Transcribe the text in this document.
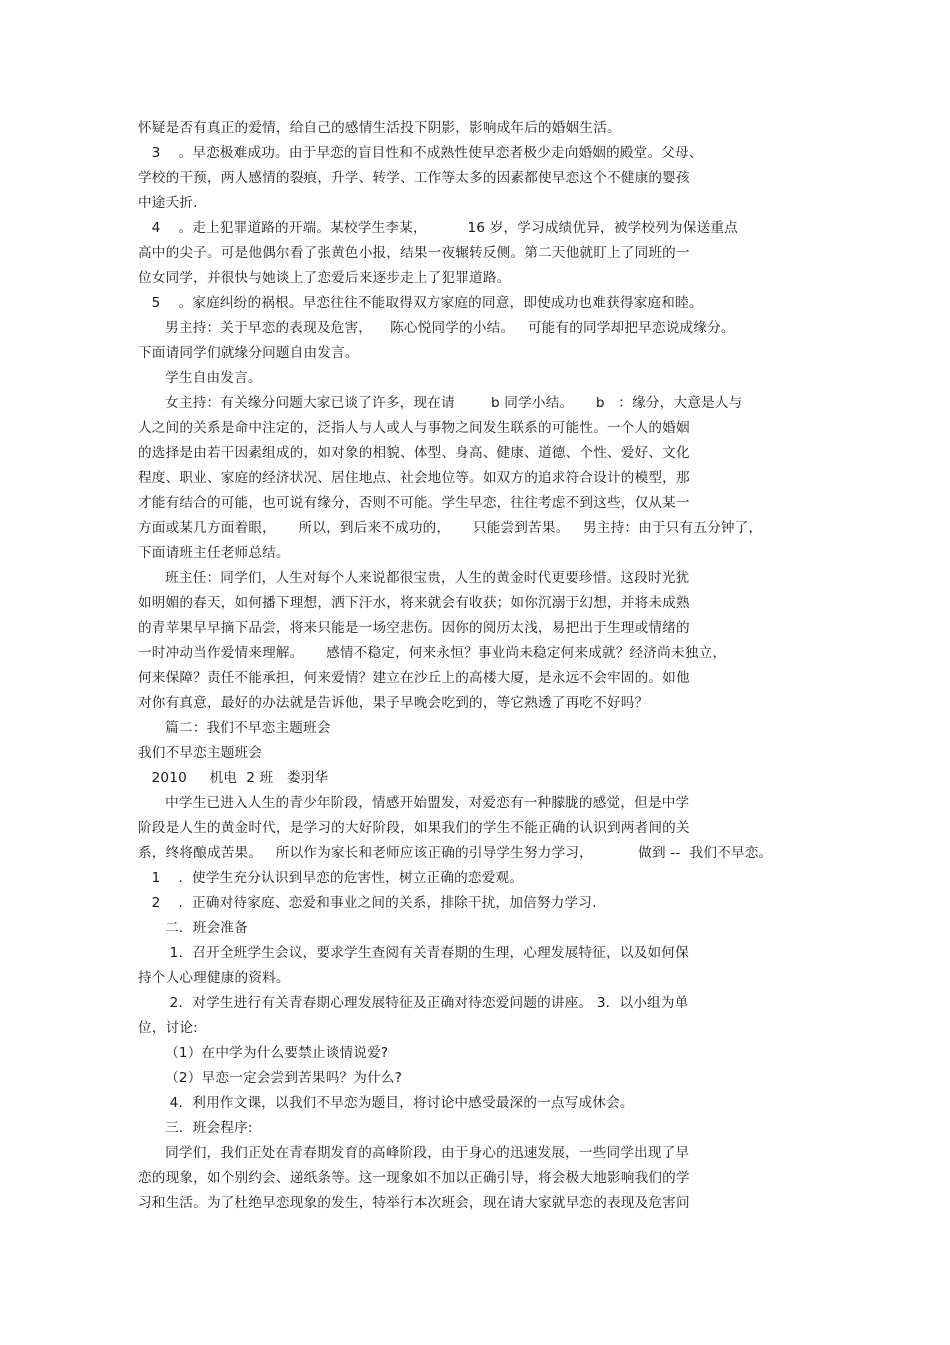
怀疑是否有真正的爱情，给自己的感情生活投下阴影，影响成年后的婚姻生活。
3    。早恋极难成功。由于早恋的盲目性和不成熟性使早恋者极少走向婚姻的殿堂。父母、
学校的干预，两人感情的裂痕，升学、转学、工作等太多的因素都使早恋这个不健康的婴孩
中途夭折.
4    。走上犯罪道路的开端。某校学生李某，         16 岁，学习成绩优异，被学校列为保送重点
高中的尖子。可是他偶尔看了张黄色小报，结果一夜辗转反侧。第二天他就盯上了同班的一
位女同学，并很快与她谈上了恋爱后来逐步走上了犯罪道路。
5    。家庭纠纷的祸根。早恋往往不能取得双方家庭的同意，即使成功也难获得家庭和睦。
男主持：关于早恋的表现及危害，    陈心悦同学的小结。   可能有的同学却把早恋说成缘分。
下面请同学们就缘分问题自由发言。
学生自由发言。
女主持：有关缘分问题大家已谈了许多，现在请        b 同学小结。     b   ：缘分，大意是人与
人之间的关系是命中注定的，泛指人与人或人与事物之间发生联系的可能性。一个人的婚姻
的选择是由若干因素组成的，如对象的相貌、体型、身高、健康、道德、个性、爱好、文化
程度、职业、家庭的经济状况、居住地点、社会地位等。如双方的追求符合设计的模型，那
才能有结合的可能，也可说有缘分，否则不可能。学生早恋，往往考虑不到这些，仅从某一
方面或某几方面着眼，     所以，到后来不成功的，     只能尝到苦果。   男主持：由于只有五分钟了，
下面请班主任老师总结。
班主任：同学们，人生对每个人来说都很宝贵，人生的黄金时代更要珍惜。这段时光犹
如明媚的春天，如何播下理想，洒下汗水，将来就会有收获；如你沉溺于幻想，并将未成熟
的青苹果早早摘下品尝，将来只能是一场空悲伤。因你的阅历太浅，易把出于生理或情绪的
一时冲动当作爱情来理解。     感情不稳定，何来永恒？事业尚未稳定何来成就？经济尚未独立，
何来保障？责任不能承担，何来爱情？建立在沙丘上的高楼大厦，是永远不会牢固的。如他
对你有真意，最好的办法就是告诉他，果子早晚会吃到的，等它熟透了再吃不好吗？
篇二：我们不早恋主题班会
我们不早恋主题班会
2010     机电  2 班   娄羽华
中学生已进入人生的青少年阶段，情感开始盟发，对爱恋有一种朦胧的感觉，但是中学
阶段是人生的黄金时代，是学习的大好阶段，如果我们的学生不能正确的认识到两者间的关
系，终将酿成苦果。   所以作为家长和老师应该正确的引导学生努力学习，          做到 --  我们不早恋。
1    .  使学生充分认识到早恋的危害性，树立正确的恋爱观。
2    .  正确对待家庭、恋爱和事业之间的关系，排除干扰，加倍努力学习.
二．班会准备
1．召开全班学生会议，要求学生查阅有关青春期的生理，心理发展特征，以及如何保
持个人心理健康的资料。
2．对学生进行有关青春期心理发展特征及正确对待恋爱问题的讲座。 3．以小组为单
位，讨论:
（1）在中学为什么要禁止谈情说爱?
（2）早恋一定会尝到苦果吗？为什么?
4．利用作文课，以我们不早恋为题目，将讨论中感受最深的一点写成休会。
三．班会程序:
同学们，我们正处在青春期发育的高峰阶段，由于身心的迅速发展，一些同学出现了早
恋的现象，如个别约会、递纸条等。这一现象如不加以正确引导，将会极大地影响我们的学
习和生活。为了杜绝早恋现象的发生，特举行本次班会，现在请大家就早恋的表现及危害问
